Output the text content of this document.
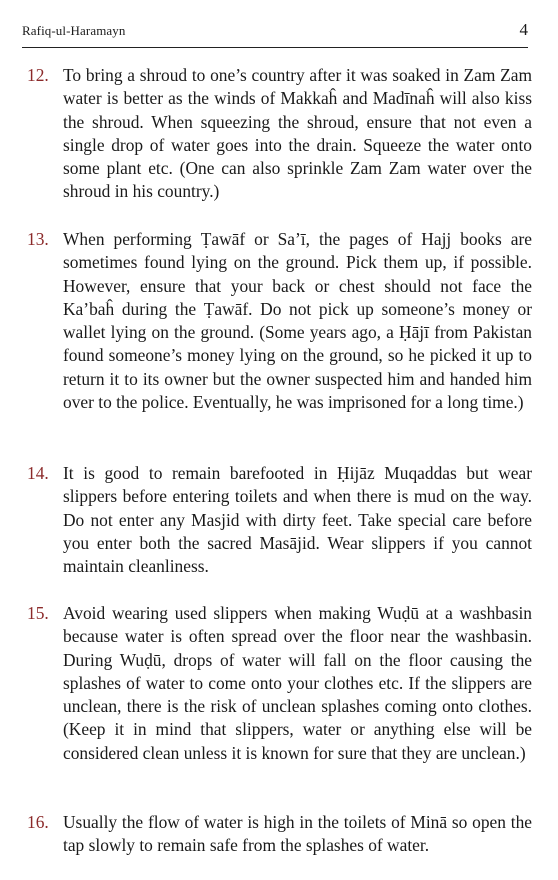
Rafiq-ul-Haramayn	4
12. To bring a shroud to one’s country after it was soaked in Zam Zam water is better as the winds of Makkaĥ and Madīnaĥ will also kiss the shroud. When squeezing the shroud, ensure that not even a single drop of water goes into the drain. Squeeze the water onto some plant etc. (One can also sprinkle Zam Zam water over the shroud in his country.)
13. When performing Ṭawāf or Sa’ī, the pages of Hajj books are sometimes found lying on the ground. Pick them up, if possible. However, ensure that your back or chest should not face the Ka’baĥ during the Ṭawāf. Do not pick up someone’s money or wallet lying on the ground. (Some years ago, a Ḥājī from Pakistan found someone’s money lying on the ground, so he picked it up to return it to its owner but the owner suspected him and handed him over to the police. Eventually, he was imprisoned for a long time.)
14. It is good to remain barefooted in Ḥijāz Muqaddas but wear slippers before entering toilets and when there is mud on the way. Do not enter any Masjid with dirty feet. Take special care before you enter both the sacred Masājid. Wear slippers if you cannot maintain cleanliness.
15. Avoid wearing used slippers when making Wuḍū at a washbasin because water is often spread over the floor near the washbasin. During Wuḍū, drops of water will fall on the floor causing the splashes of water to come onto your clothes etc. If the slippers are unclean, there is the risk of unclean splashes coming onto clothes. (Keep it in mind that slippers, water or anything else will be considered clean unless it is known for sure that they are unclean.)
16. Usually the flow of water is high in the toilets of Minā so open the tap slowly to remain safe from the splashes of water.
